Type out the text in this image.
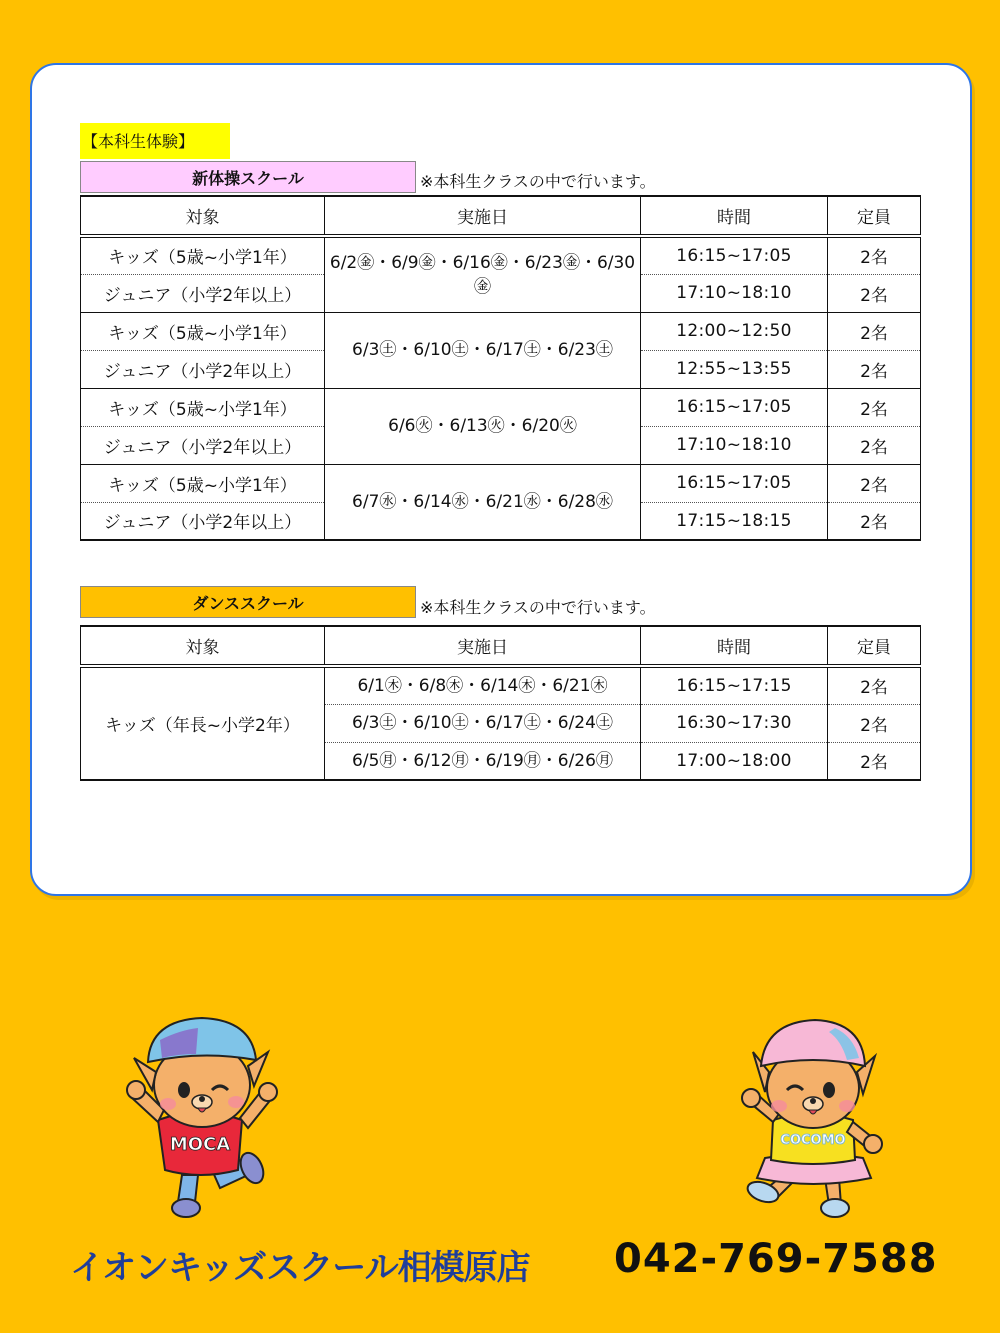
【本科生体験】
新体操スクール	※本科生クラスの中で行います。
対象	実施日	時間	定員
キッズ（5歳~小学1年）	6/2㊎・6/9㊎・6/16㊎・6/23㊎・6/30㊎	16:15~17:05	2名
ジュニア（小学2年以上）		17:10~18:10	2名
キッズ（5歳~小学1年）	6/3㊏・6/10㊏・6/17㊏・6/23㊏	12:00~12:50	2名
ジュニア（小学2年以上）		12:55~13:55	2名
キッズ（5歳~小学1年）	6/6㊋・6/13㊋・6/20㊋	16:15~17:05	2名
ジュニア（小学2年以上）		17:10~18:10	2名
キッズ（5歳~小学1年）	6/7㊌・6/14㊌・6/21㊌・6/28㊌	16:15~17:05	2名
ジュニア（小学2年以上）		17:15~18:15	2名
ダンススクール	※本科生クラスの中で行います。
対象	実施日	時間	定員
キッズ（年長~小学2年）	6/1㊍・6/8㊍・6/14㊍・6/21㊍	16:15~17:15	2名
	6/3㊏・6/10㊏・6/17㊏・6/24㊏	16:30~17:30	2名
	6/5㊊・6/12㊊・6/19㊊・6/26㊊	17:00~18:00	2名
MOCA	COCOMO
イオンキッズスクール相模原店 042-769-7588
